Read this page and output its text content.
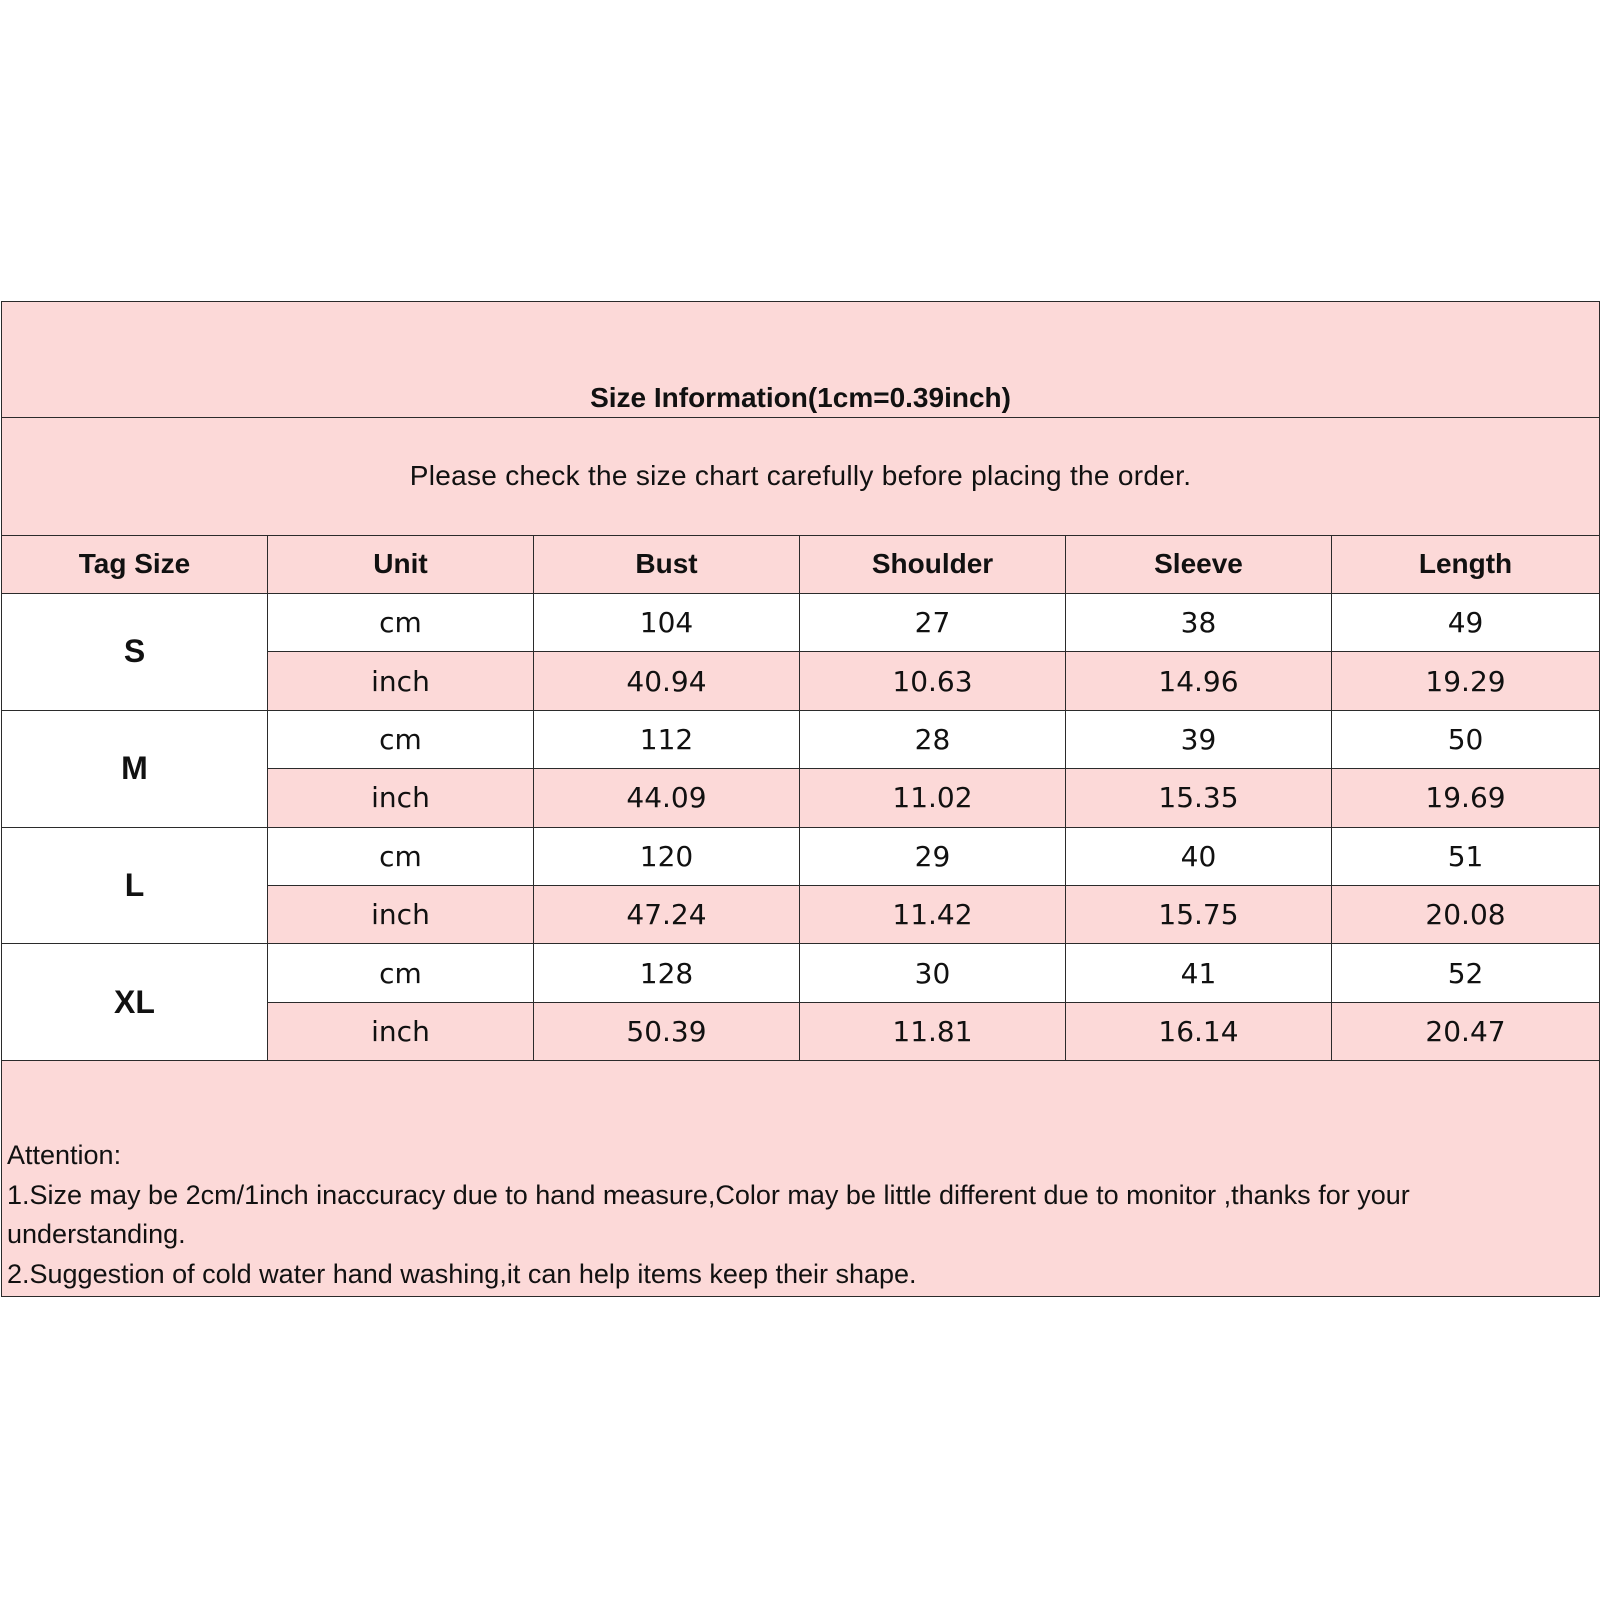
Size Information(1cm=0.39inch)					

Please check the size chart carefully before placing the order.					
Tag Size	Unit	Bust	Shoulder	Sleeve	Length
S	cm	104	27	38	49
	inch	40.94	10.63	14.96	19.29
M	cm	112	28	39	50
	inch	44.09	11.02	15.35	19.69
L	cm	120	29	40	51
	inch	47.24	11.42	15.75	20.08
XL	cm	128	30	41	52
	inch	50.39	11.81	16.14	20.47

Attention:
1.Size may be 2cm/1inch inaccuracy due to hand measure,Color may be little different due to monitor ,thanks for your understanding.
2.Suggestion of cold water hand washing,it can help items keep their shape.					
